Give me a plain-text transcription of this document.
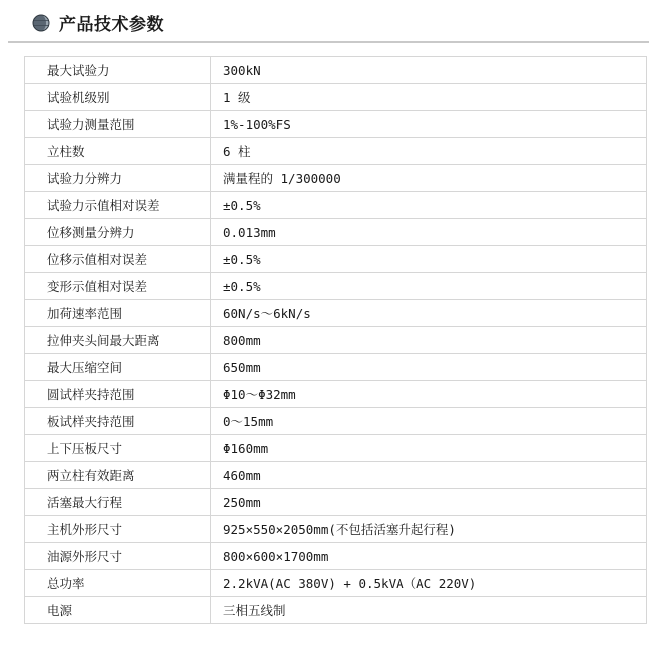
产品技术参数
最大试验力	300kN
试验机级别	1 级
试验力测量范围	1%-100%FS
立柱数	6 柱
试验力分辨力	满量程的 1/300000
试验力示值相对误差	±0.5%
位移测量分辨力	0.013mm
位移示值相对误差	±0.5%
变形示值相对误差	±0.5%
加荷速率范围	60N/s～6kN/s
拉伸夹头间最大距离	800mm
最大压缩空间	650mm
圆试样夹持范围	Φ10～Φ32mm
板试样夹持范围	0～15mm
上下压板尺寸	Φ160mm
两立柱有效距离	460mm
活塞最大行程	250mm
主机外形尺寸	925×550×2050mm(不包括活塞升起行程)
油源外形尺寸	800×600×1700mm
总功率	2.2kVA(AC 380V) + 0.5kVA（AC 220V)
电源	三相五线制
